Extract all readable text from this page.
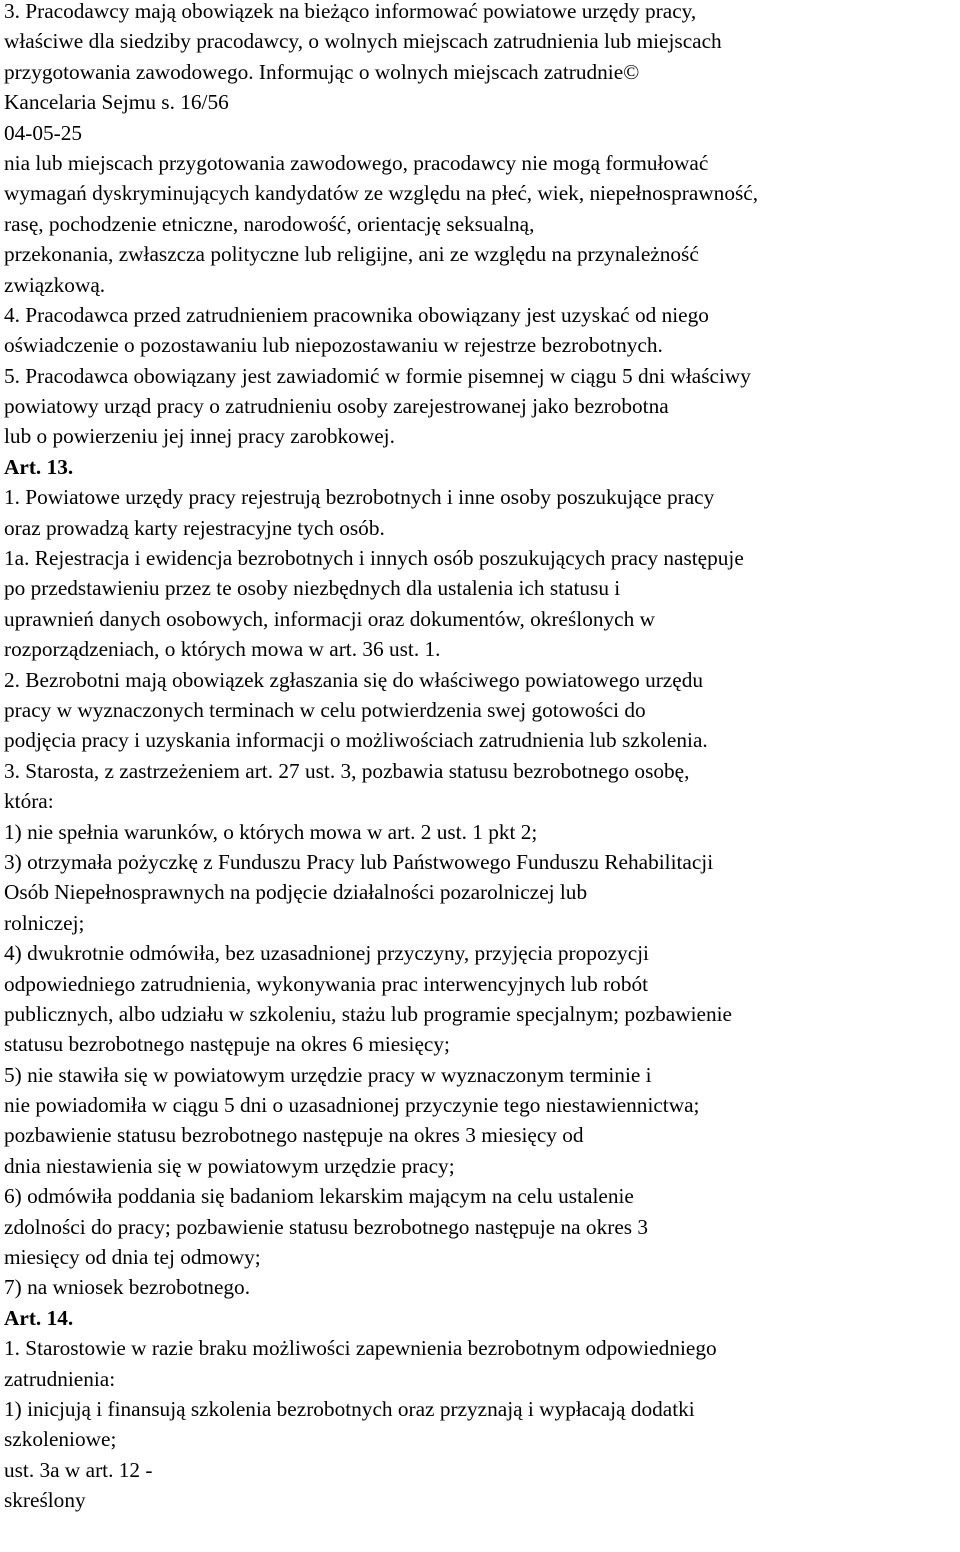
3. Pracodawcy mają obowiązek na bieżąco informować powiatowe urzędy pracy,
właściwe dla siedziby pracodawcy, o wolnych miejscach zatrudnienia lub miejscach
przygotowania zawodowego. Informując o wolnych miejscach zatrudnie©
Kancelaria Sejmu s. 16/56
04-05-25
nia lub miejscach przygotowania zawodowego, pracodawcy nie mogą formułować
wymagań dyskryminujących kandydatów ze względu na płeć, wiek, niepełnosprawność,
rasę, pochodzenie etniczne, narodowość, orientację seksualną,
przekonania, zwłaszcza polityczne lub religijne, ani ze względu na przynależność
związkową.
4. Pracodawca przed zatrudnieniem pracownika obowiązany jest uzyskać od niego
oświadczenie o pozostawaniu lub niepozostawaniu w rejestrze bezrobotnych.
5. Pracodawca obowiązany jest zawiadomić w formie pisemnej w ciągu 5 dni właściwy
powiatowy urząd pracy o zatrudnieniu osoby zarejestrowanej jako bezrobotna
lub o powierzeniu jej innej pracy zarobkowej.
Art. 13.
1. Powiatowe urzędy pracy rejestrują bezrobotnych i inne osoby poszukujące pracy
oraz prowadzą karty rejestracyjne tych osób.
1a. Rejestracja i ewidencja bezrobotnych i innych osób poszukujących pracy następuje
po przedstawieniu przez te osoby niezbędnych dla ustalenia ich statusu i
uprawnień danych osobowych, informacji oraz dokumentów, określonych w
rozporządzeniach, o których mowa w art. 36 ust. 1.
2. Bezrobotni mają obowiązek zgłaszania się do właściwego powiatowego urzędu
pracy w wyznaczonych terminach w celu potwierdzenia swej gotowości do
podjęcia pracy i uzyskania informacji o możliwościach zatrudnienia lub szkolenia.
3. Starosta, z zastrzeżeniem art. 27 ust. 3, pozbawia statusu bezrobotnego osobę,
która:
1) nie spełnia warunków, o których mowa w art. 2 ust. 1 pkt 2;
3) otrzymała pożyczkę z Funduszu Pracy lub Państwowego Funduszu Rehabilitacji
Osób Niepełnosprawnych na podjęcie działalności pozarolniczej lub
rolniczej;
4) dwukrotnie odmówiła, bez uzasadnionej przyczyny, przyjęcia propozycji
odpowiedniego zatrudnienia, wykonywania prac interwencyjnych lub robót
publicznych, albo udziału w szkoleniu, stażu lub programie specjalnym; pozbawienie
statusu bezrobotnego następuje na okres 6 miesięcy;
5) nie stawiła się w powiatowym urzędzie pracy w wyznaczonym terminie i
nie powiadomiła w ciągu 5 dni o uzasadnionej przyczynie tego niestawiennictwa;
pozbawienie statusu bezrobotnego następuje na okres 3 miesięcy od
dnia niestawienia się w powiatowym urzędzie pracy;
6) odmówiła poddania się badaniom lekarskim mającym na celu ustalenie
zdolności do pracy; pozbawienie statusu bezrobotnego następuje na okres 3
miesięcy od dnia tej odmowy;
7) na wniosek bezrobotnego.
Art. 14.
1. Starostowie w razie braku możliwości zapewnienia bezrobotnym odpowiedniego
zatrudnienia:
1) inicjują i finansują szkolenia bezrobotnych oraz przyznają i wypłacają dodatki
szkoleniowe;
ust. 3a w art. 12 -
skreślony
